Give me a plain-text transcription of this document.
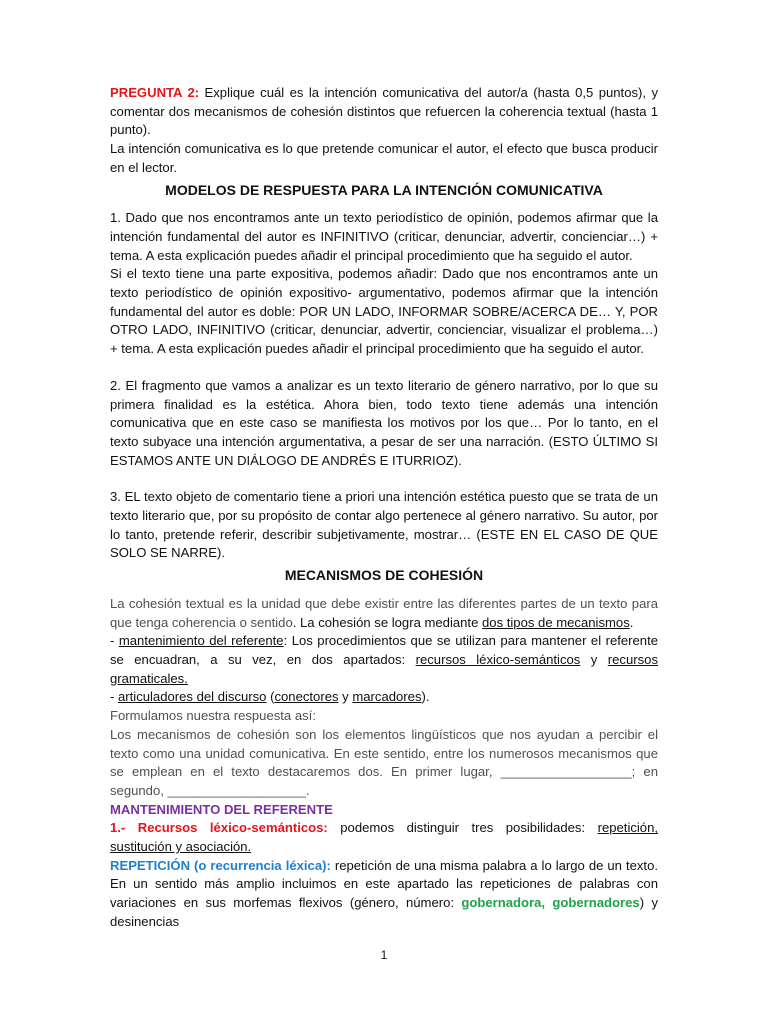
PREGUNTA 2: Explique cuál es la intención comunicativa del autor/a (hasta 0,5 puntos), y comentar dos mecanismos de cohesión distintos que refuercen la coherencia textual (hasta 1 punto).

La intención comunicativa es lo que pretende comunicar el autor, el efecto que busca producir en el lector.

MODELOS DE RESPUESTA PARA LA INTENCIÓN COMUNICATIVA

1. Dado que nos encontramos ante un texto periodístico de opinión, podemos afirmar que la intención fundamental del autor es INFINITIVO (criticar, denunciar, advertir, concienciar…) + tema. A esta explicación puedes añadir el principal procedimiento que ha seguido el autor.

Si el texto tiene una parte expositiva, podemos añadir: Dado que nos encontramos ante un texto periodístico de opinión expositivo- argumentativo, podemos afirmar que la intención fundamental del autor es doble: POR UN LADO, INFORMAR SOBRE/ACERCA DE… Y, POR OTRO LADO, INFINITIVO (criticar, denunciar, advertir, concienciar, visualizar el problema…) + tema. A esta explicación puedes añadir el principal procedimiento que ha seguido el autor.

2. El fragmento que vamos a analizar es un texto literario de género narrativo, por lo que su primera finalidad es la estética. Ahora bien, todo texto tiene además una intención comunicativa que en este caso se manifiesta los motivos por los que… Por lo tanto, en el texto subyace una intención argumentativa, a pesar de ser una narración. (ESTO ÚLTIMO SI ESTAMOS ANTE UN DIÁLOGO DE ANDRÉS E ITURRIOZ).

3. EL texto objeto de comentario tiene a priori una intención estética puesto que se trata de un texto literario que, por su propósito de contar algo pertenece al género narrativo. Su autor, por lo tanto, pretende referir, describir subjetivamente, mostrar… (ESTE EN EL CASO DE QUE SOLO SE NARRE).

MECANISMOS DE COHESIÓN

La cohesión textual es la unidad que debe existir entre las diferentes partes de un texto para que tenga coherencia o sentido. La cohesión se logra mediante dos tipos de mecanismos.

- mantenimiento del referente: Los procedimientos que se utilizan para mantener el referente se encuadran, a su vez, en dos apartados: recursos léxico-semánticos y recursos gramaticales.

- articuladores del discurso (conectores y marcadores).

Formulamos nuestra respuesta así:

Los mecanismos de cohesión son los elementos lingüísticos que nos ayudan a percibir el texto como una unidad comunicativa. En este sentido, entre los numerosos mecanismos que se emplean en el texto destacaremos dos. En primer lugar, __________________; en segundo, ___________________.

MANTENIMIENTO DEL REFERENTE

1.- Recursos léxico-semánticos: podemos distinguir tres posibilidades: repetición, sustitución y asociación.

REPETICIÓN (o recurrencia léxica): repetición de una misma palabra a lo largo de un texto. En un sentido más amplio incluimos en este apartado las repeticiones de palabras con variaciones en sus morfemas flexivos (género, número: gobernadora, gobernadores) y desinencias

1
